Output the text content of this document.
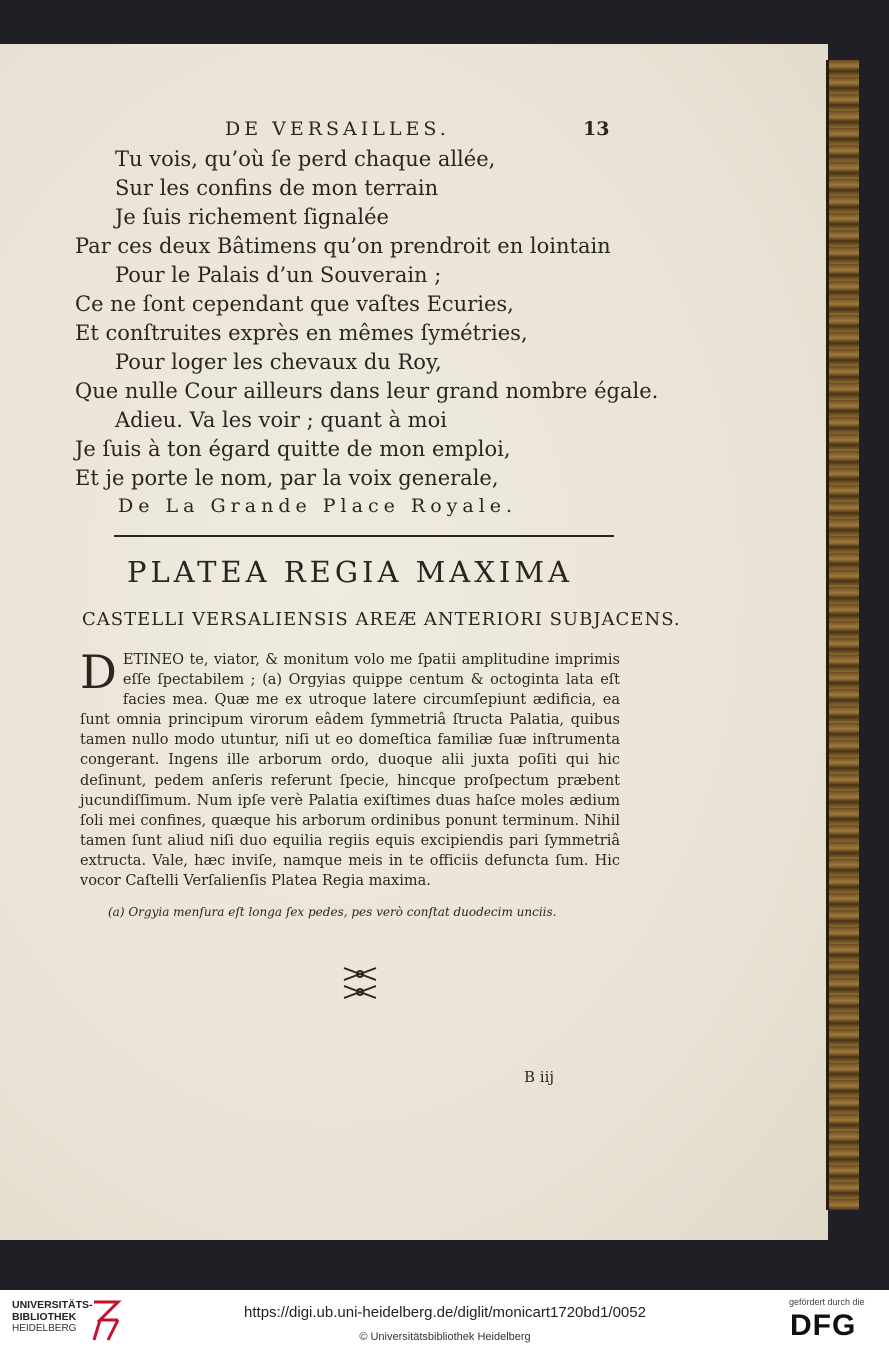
DE VERSAILLES.	13
Tu vois, qu’où ſe perd chaque allée,
Sur les confins de mon terrain
Je ſuis richement ſignalée
Par ces deux Bâtimens qu’on prendroit en lointain
Pour le Palais d’un Souverain ;
Ce ne ſont cependant que vaſtes Ecuries,
Et conſtruites exprès en mêmes ſymétries,
Pour loger les chevaux du Roy,
Que nulle Cour ailleurs dans leur grand nombre égale.
Adieu. Va les voir ; quant à moi
Je ſuis à ton égard quitte de mon emploi,
Et je porte le nom, par la voix generale,
De La Grande Place Royale.
PLATEA REGIA MAXIMA
CASTELLI VERSALIENSIS AREÆ ANTERIORI SUBJACENS.
D ETINEO te, viator, & monitum volo me ſpatii amplitudine imprimis eſſe ſpectabilem ; (a) Orgyias quippe centum & octoginta lata eſt facies mea. Quæ me ex utroque latere circumſepiunt ædificia, ea ſunt omnia principum virorum eâdem ſymmetriâ ſtructa Palatia, quibus tamen nullo modo utuntur, niſi ut eo domeſtica familiæ ſuæ inſtrumenta congerant. Ingens ille arborum ordo, duoque alii juxta poſiti qui hic deſinunt, pedem anſeris referunt ſpecie, hincque proſpectum præbent jucundiſſimum. Num ipſe verè Palatia exiſtimes duas haſce moles ædium ſoli mei confines, quæque his arborum ordinibus ponunt terminum. Nihil tamen ſunt aliud niſi duo equilia regiis equis excipiendis pari ſymmetriâ extructa. Vale, hæc inviſe, namque meis in te officiis defuncta ſum. Hic vocor Caſtelli Verſalienſis Platea Regia maxima.
(a) Orgyia menſura eſt longa ſex pedes, pes verò conſtat duodecim unciis.
B iij
UNIVERSITÄTS-
BIBLIOTHEK
HEIDELBERG
https://digi.ub.uni-heidelberg.de/diglit/monicart1720bd1/0052
© Universitätsbibliothek Heidelberg
gefördert durch die
DFG
